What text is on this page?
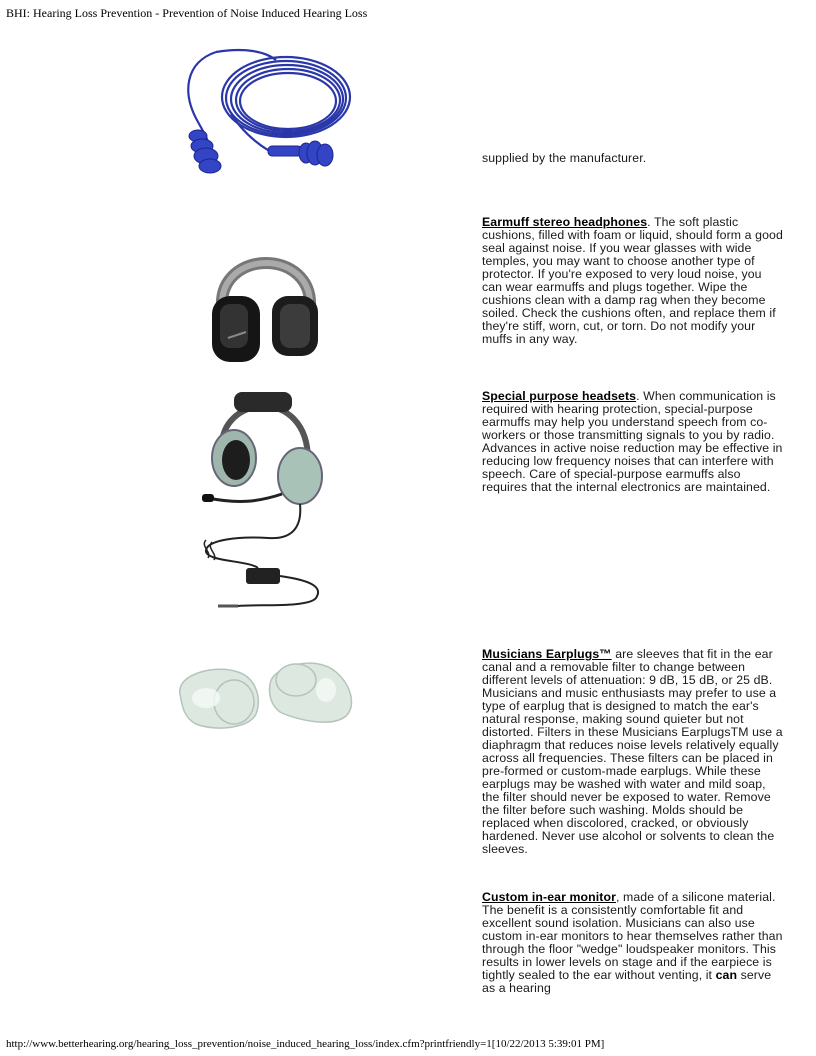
BHI: Hearing Loss Prevention - Prevention of Noise Induced Hearing Loss
supplied by the manufacturer.
Earmuff stereo headphones. The soft plastic cushions, filled with foam or liquid, should form a good seal against noise. If you wear glasses with wide temples, you may want to choose another type of protector. If you're exposed to very loud noise, you can wear earmuffs and plugs together. Wipe the cushions clean with a damp rag when they become soiled. Check the cushions often, and replace them if they're stiff, worn, cut, or torn. Do not modify your muffs in any way.
Special purpose headsets. When communication is required with hearing protection, special-purpose earmuffs may help you understand speech from co-workers or those transmitting signals to you by radio. Advances in active noise reduction may be effective in reducing low frequency noises that can interfere with speech. Care of special-purpose earmuffs also requires that the internal electronics are maintained.
Musicians Earplugs™ are sleeves that fit in the ear canal and a removable filter to change between different levels of attenuation: 9 dB, 15 dB, or 25 dB. Musicians and music enthusiasts may prefer to use a type of earplug that is designed to match the ear's natural response, making sound quieter but not distorted. Filters in these Musicians EarplugsTM use a diaphragm that reduces noise levels relatively equally across all frequencies. These filters can be placed in pre-formed or custom-made earplugs. While these earplugs may be washed with water and mild soap, the filter should never be exposed to water. Remove the filter before such washing. Molds should be replaced when discolored, cracked, or obviously hardened. Never use alcohol or solvents to clean the sleeves.
Custom in-ear monitor, made of a silicone material. The benefit is a consistently comfortable fit and excellent sound isolation. Musicians can also use custom in-ear monitors to hear themselves rather than through the floor "wedge" loudspeaker monitors. This results in lower levels on stage and if the earpiece is tightly sealed to the ear without venting, it can serve as a hearing
http://www.betterhearing.org/hearing_loss_prevention/noise_induced_hearing_loss/index.cfm?printfriendly=1[10/22/2013 5:39:01 PM]
